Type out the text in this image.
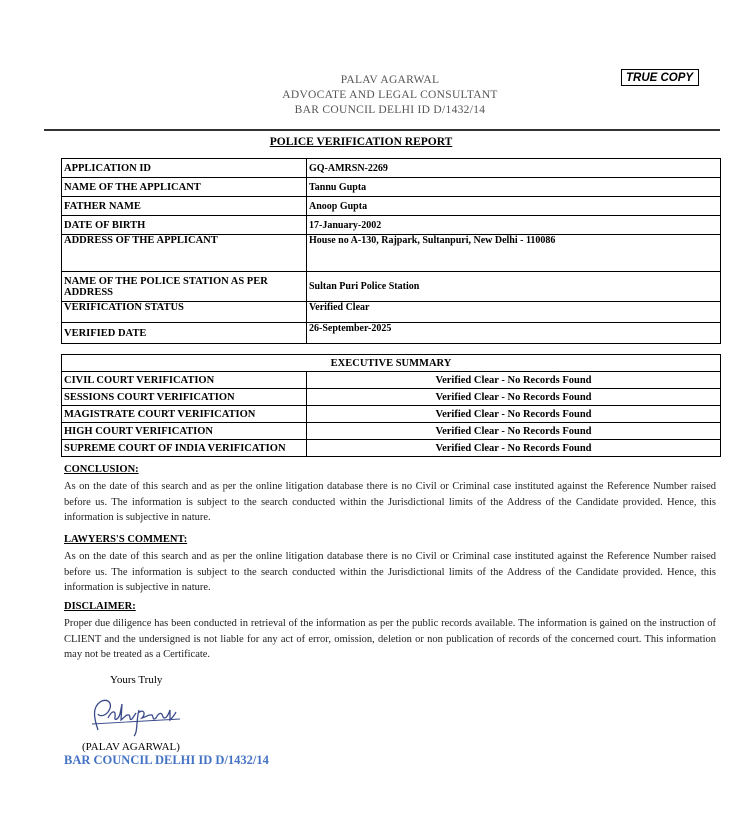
PALAV AGARWAL
ADVOCATE AND LEGAL CONSULTANT
BAR COUNCIL DELHI ID D/1432/14
TRUE COPY
POLICE VERIFICATION REPORT
APPLICATION ID	GQ-AMRSN-2269
NAME OF THE APPLICANT	Tannu Gupta
FATHER NAME	Anoop Gupta
DATE OF BIRTH	17-January-2002
ADDRESS OF THE APPLICANT	House no A-130, Rajpark, Sultanpuri, New Delhi - 110086
NAME OF THE POLICE STATION AS PER ADDRESS	Sultan Puri Police Station
VERIFICATION STATUS	Verified Clear
VERIFIED DATE	26-September-2025
EXECUTIVE SUMMARY	
CIVIL COURT VERIFICATION	Verified Clear - No Records Found
SESSIONS COURT VERIFICATION	Verified Clear - No Records Found
MAGISTRATE COURT VERIFICATION	Verified Clear - No Records Found
HIGH COURT VERIFICATION	Verified Clear - No Records Found
SUPREME COURT OF INDIA VERIFICATION	Verified Clear - No Records Found
CONCLUSION:
As on the date of this search and as per the online litigation database there is no Civil or Criminal case instituted against the Reference Number raised before us. The information is subject to the search conducted within the Jurisdictional limits of the Address of the Candidate provided. Hence, this information is subjective in nature.
LAWYERS'S COMMENT:
As on the date of this search and as per the online litigation database there is no Civil or Criminal case instituted against the Reference Number raised before us. The information is subject to the search conducted within the Jurisdictional limits of the Address of the Candidate provided. Hence, this information is subjective in nature.
DISCLAIMER:
Proper due diligence has been conducted in retrieval of the information as per the public records available. The information is gained on the instruction of CLIENT and the undersigned is not liable for any act of error, omission, deletion or non publication of records of the concerned court. This information may not be treated as a Certificate.
Yours Truly
(PALAV AGARWAL)
BAR COUNCIL DELHI ID D/1432/14
